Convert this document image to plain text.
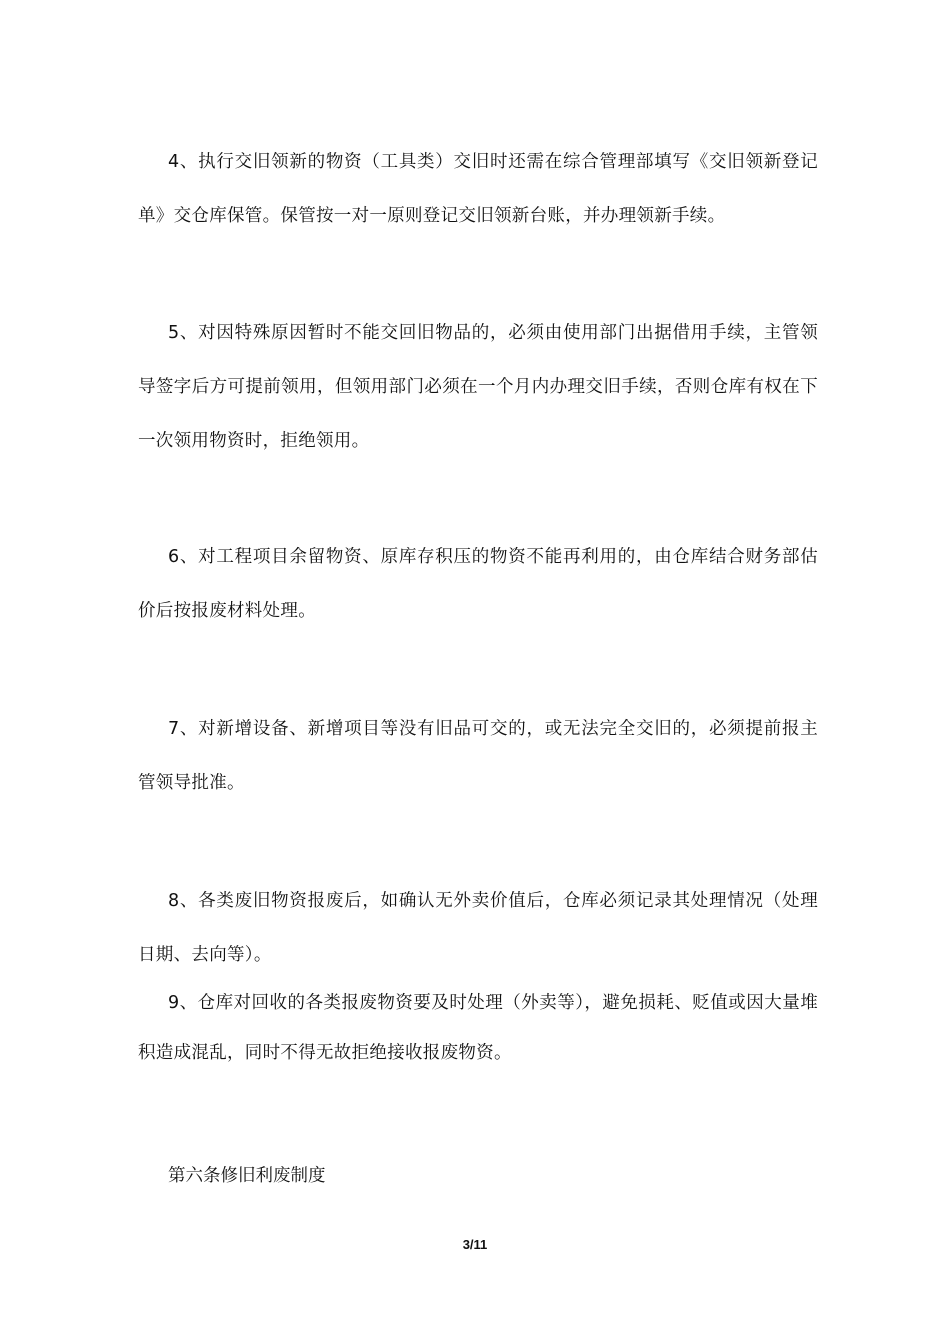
4、执行交旧领新的物资（工具类）交旧时还需在综合管理部填写《交旧领新登记单》交仓库保管。保管按一对一原则登记交旧领新台账，并办理领新手续。

5、对因特殊原因暂时不能交回旧物品的，必须由使用部门出据借用手续，主管领导签字后方可提前领用，但领用部门必须在一个月内办理交旧手续，否则仓库有权在下一次领用物资时，拒绝领用。

6、对工程项目余留物资、原库存积压的物资不能再利用的，由仓库结合财务部估价后按报废材料处理。

7、对新增设备、新增项目等没有旧品可交的，或无法完全交旧的，必须提前报主管领导批准。

8、各类废旧物资报废后，如确认无外卖价值后，仓库必须记录其处理情况（处理日期、去向等）。

9、仓库对回收的各类报废物资要及时处理（外卖等），避免损耗、贬值或因大量堆积造成混乱，同时不得无故拒绝接收报废物资。

第六条修旧利废制度

3/11
